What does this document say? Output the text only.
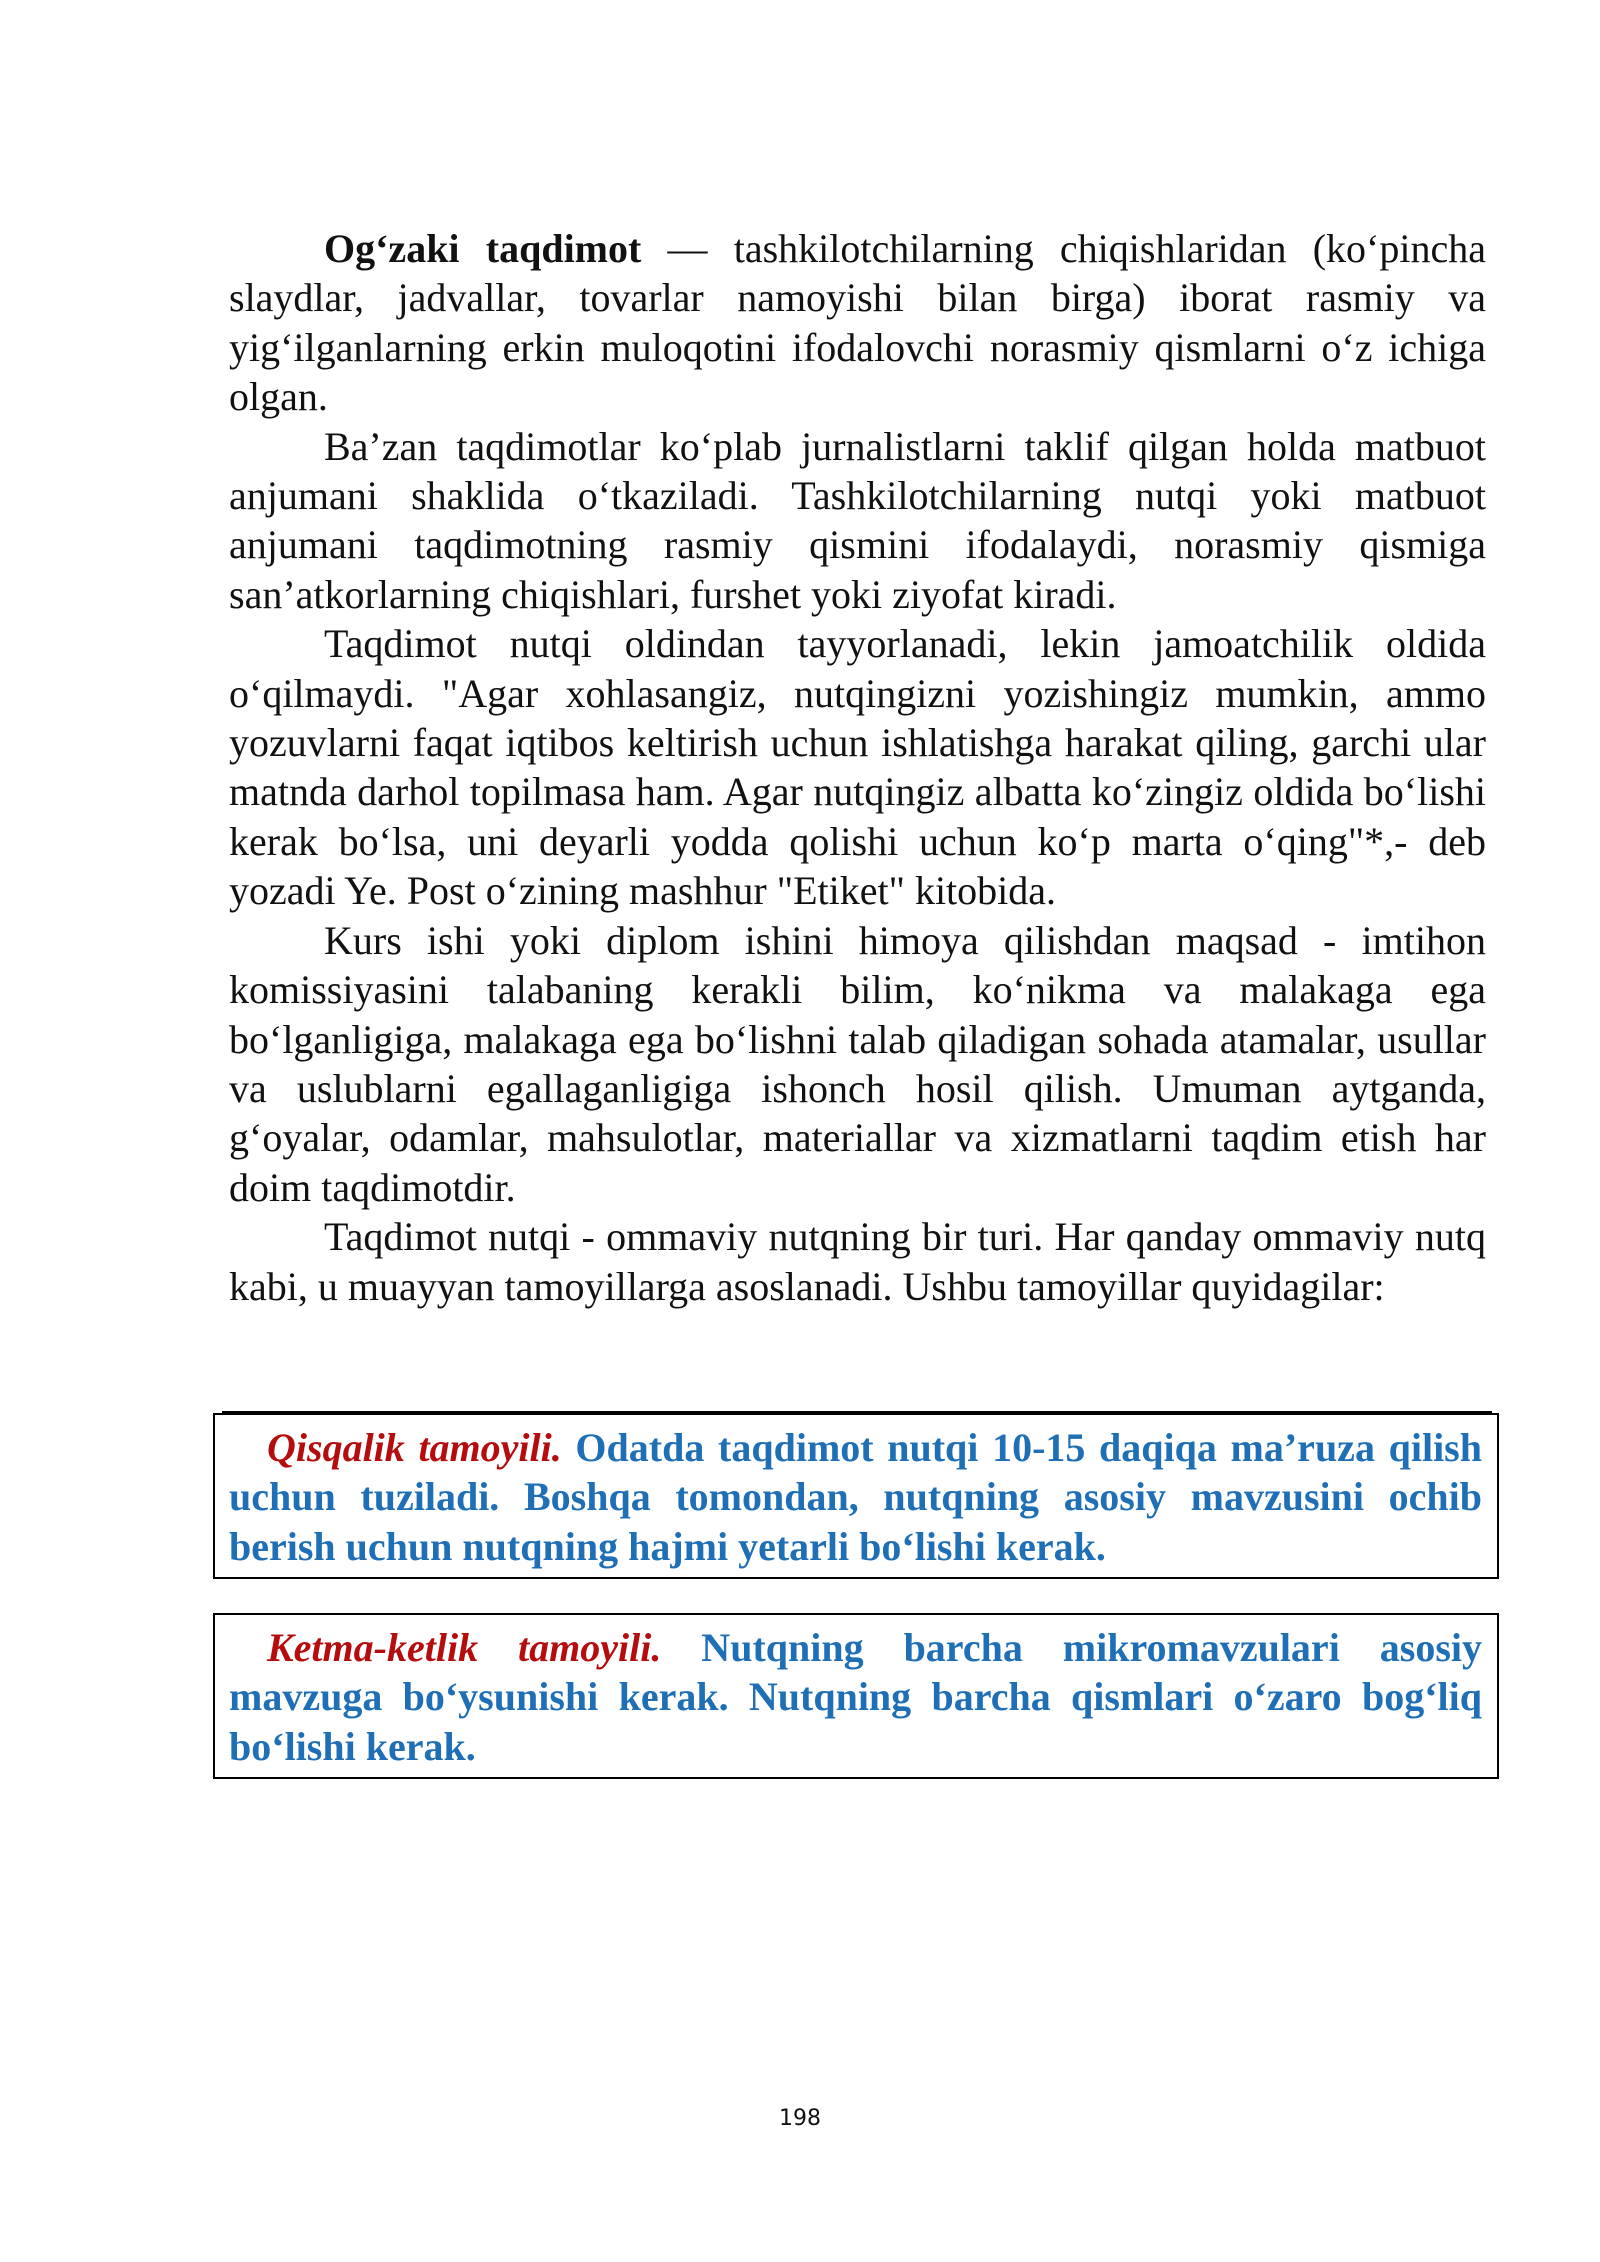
Og‘zaki taqdimot — tashkilotchilarning chiqishlaridan (ko‘pincha slaydlar, jadvallar, tovarlar namoyishi bilan birga) iborat rasmiy va yig‘ilganlarning erkin muloqotini ifodalovchi norasmiy qismlarni o‘z ichiga olgan.

Ba’zan taqdimotlar ko‘plab jurnalistlarni taklif qilgan holda matbuot anjumani shaklida o‘tkaziladi. Tashkilotchilarning nutqi yoki matbuot anjumani taqdimotning rasmiy qismini ifodalaydi, norasmiy qismiga san’atkorlarning chiqishlari, furshet yoki ziyofat kiradi.

Taqdimot nutqi oldindan tayyorlanadi, lekin jamoatchilik oldida o‘qilmaydi. "Agar xohlasangiz, nutqingizni yozishingiz mumkin, ammo yozuvlarni faqat iqtibos keltirish uchun ishlatishga harakat qiling, garchi ular matnda darhol topilmasa ham. Agar nutqingiz albatta ko‘zingiz oldida bo‘lishi kerak bo‘lsa, uni deyarli yodda qolishi uchun ko‘p marta o‘qing"*,- deb yozadi Ye. Post o‘zining mashhur "Etiket" kitobida.

Kurs ishi yoki diplom ishini himoya qilishdan maqsad - imtihon komissiyasini talabaning kerakli bilim, ko‘nikma va malakaga ega bo‘lganligiga, malakaga ega bo‘lishni talab qiladigan sohada atamalar, usullar va uslublarni egallaganligiga ishonch hosil qilish. Umuman aytganda, g‘oyalar, odamlar, mahsulotlar, materiallar va xizmatlarni taqdim etish har doim taqdimotdir.

Taqdimot nutqi - ommaviy nutqning bir turi. Har qanday ommaviy nutq kabi, u muayyan tamoyillarga asoslanadi. Ushbu tamoyillar quyidagilar:

Qisqalik tamoyili. Odatda taqdimot nutqi 10-15 daqiqa ma’ruza qilish uchun tuziladi. Boshqa tomondan, nutqning asosiy mavzusini ochib berish uchun nutqning hajmi yetarli bo‘lishi kerak.
Ketma-ketlik tamoyili. Nutqning barcha mikromavzulari asosiy mavzuga bo‘ysunishi kerak. Nutqning barcha qismlari o‘zaro bog‘liq bo‘lishi kerak.
198
